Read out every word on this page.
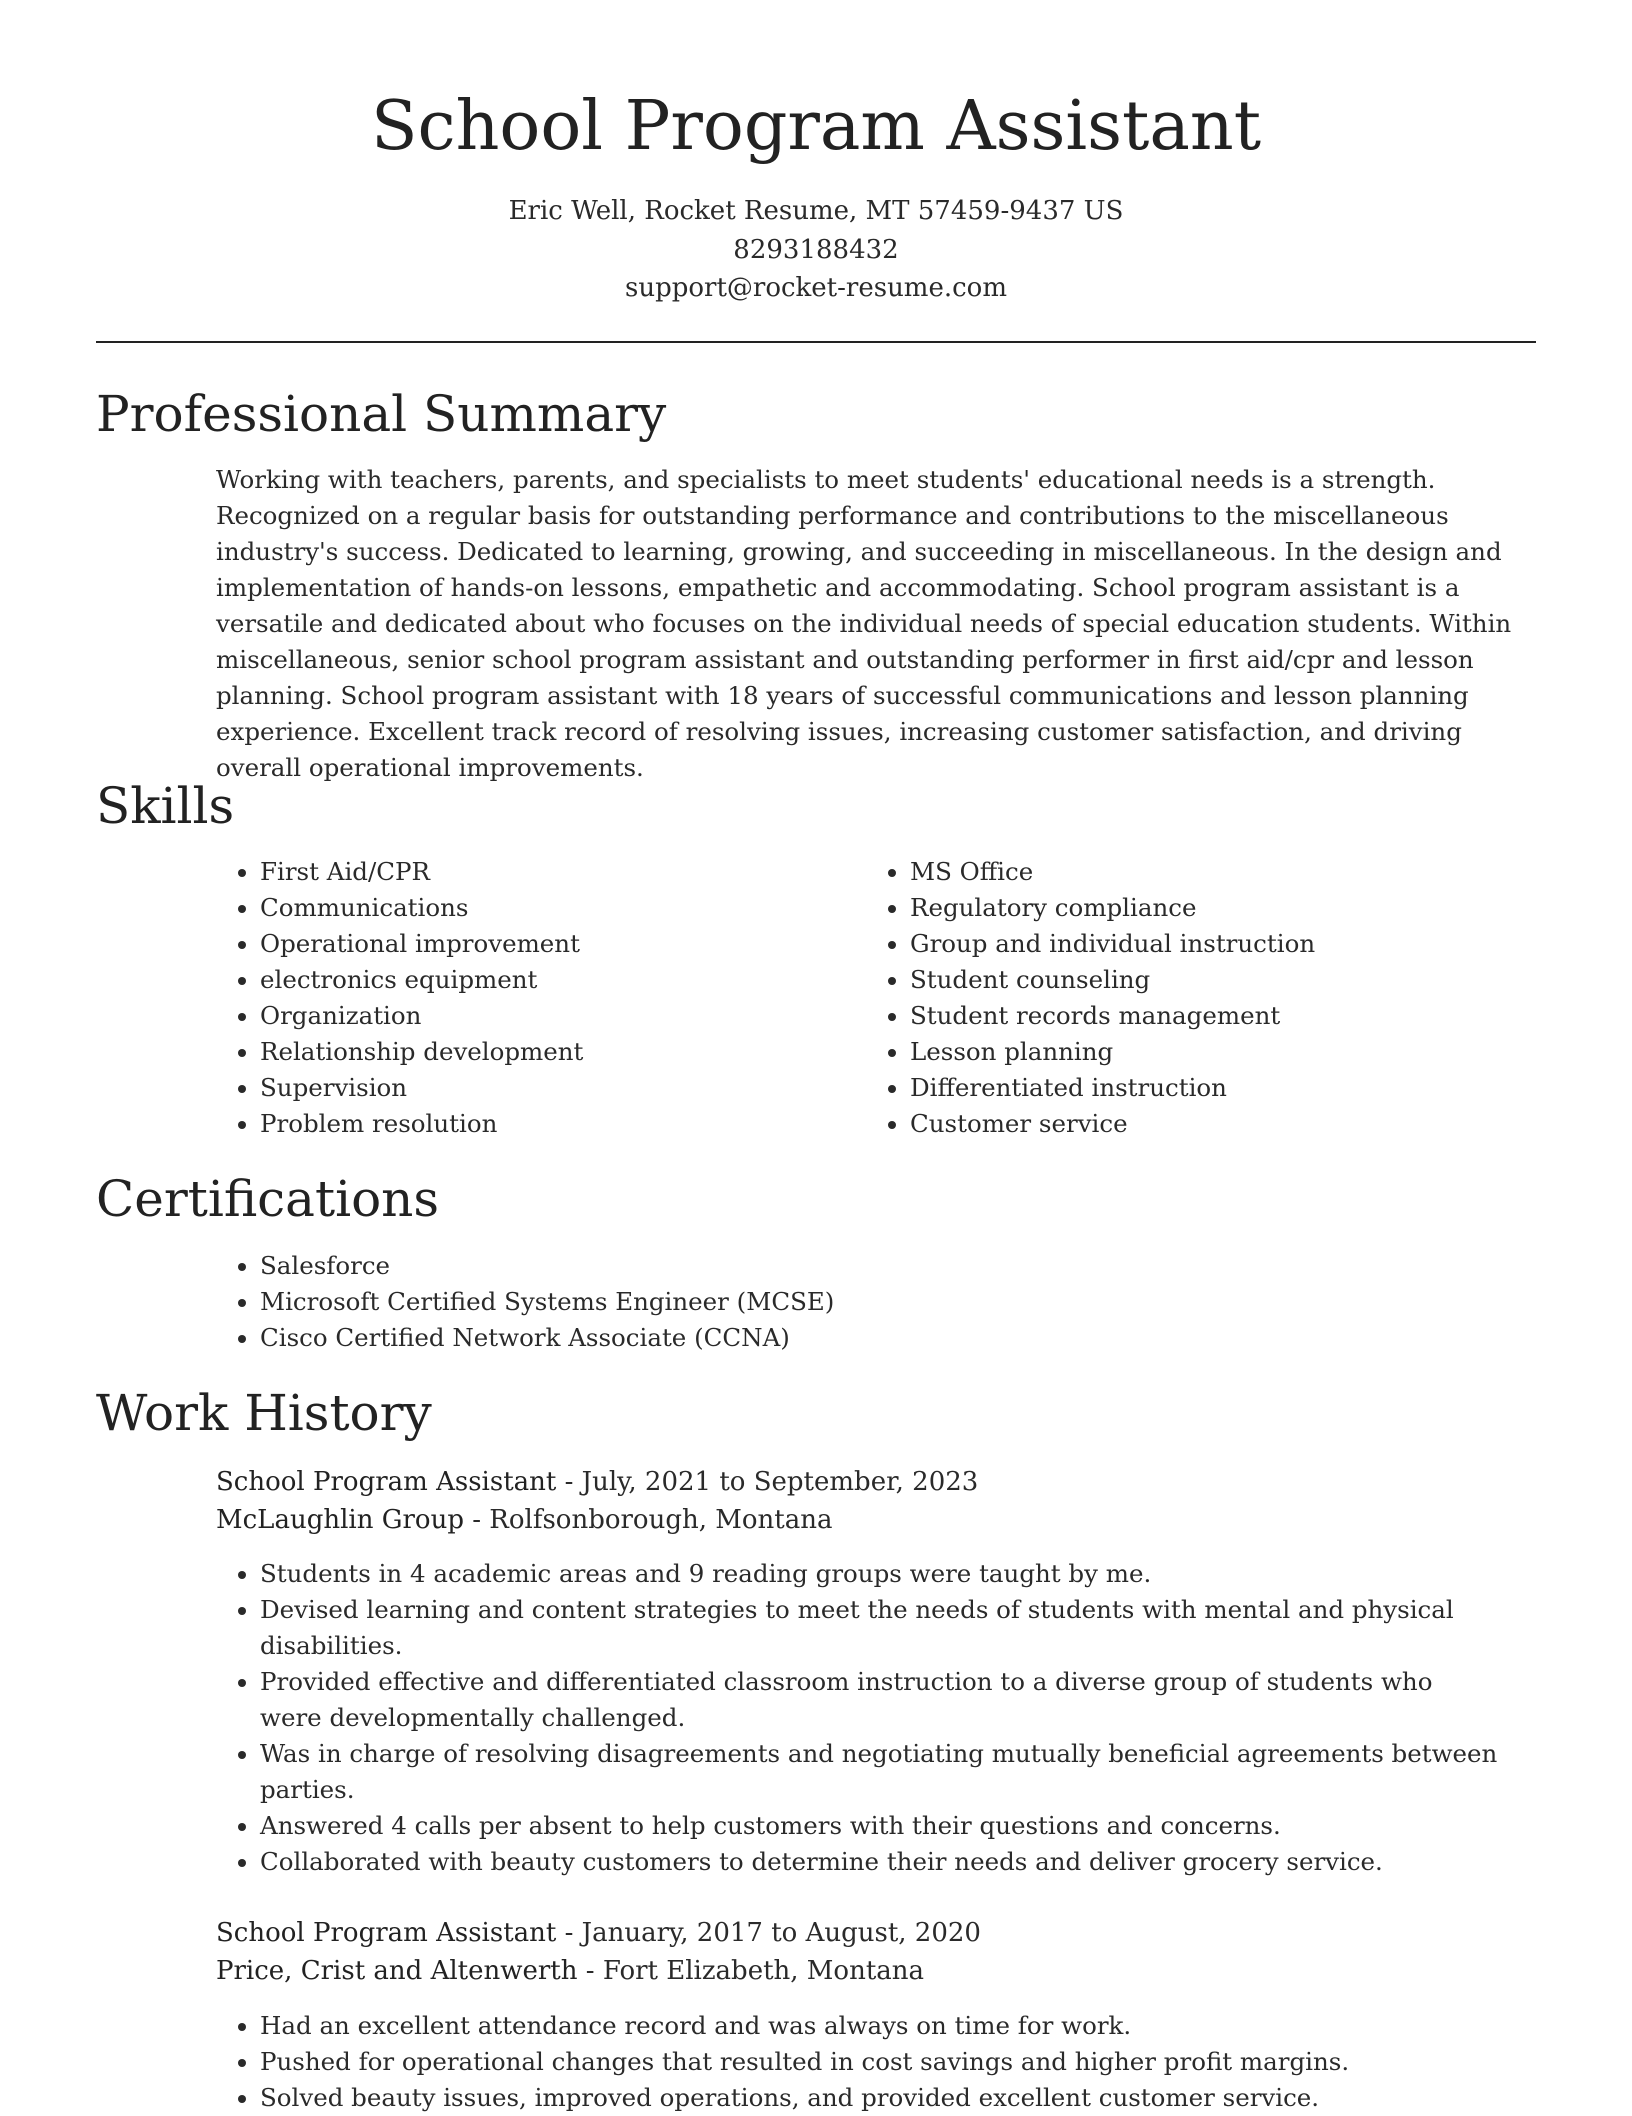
School Program Assistant
Eric Well, Rocket Resume, MT 57459-9437 US
8293188432
support@rocket-resume.com
Professional Summary

Working with teachers, parents, and specialists to meet students' educational needs is a strength. Recognized on a regular basis for outstanding performance and contributions to the miscellaneous industry's success. Dedicated to learning, growing, and succeeding in miscellaneous. In the design and implementation of hands-on lessons, empathetic and accommodating. School program assistant is a versatile and dedicated about who focuses on the individual needs of special education students. Within miscellaneous, senior school program assistant and outstanding performer in first aid/cpr and lesson planning. School program assistant with 18 years of successful communications and lesson planning experience. Excellent track record of resolving issues, increasing customer satisfaction, and driving overall operational improvements.

Skills
• First Aid/CPR
• Communications
• Operational improvement
• electronics equipment
• Organization
• Relationship development
• Supervision
• Problem resolution
• MS Office
• Regulatory compliance
• Group and individual instruction
• Student counseling
• Student records management
• Lesson planning
• Differentiated instruction
• Customer service
Certifications
• Salesforce
• Microsoft Certified Systems Engineer (MCSE)
• Cisco Certified Network Associate (CCNA)
Work History
School Program Assistant - July, 2021 to September, 2023
McLaughlin Group - Rolfsonborough, Montana
• Students in 4 academic areas and 9 reading groups were taught by me.
• Devised learning and content strategies to meet the needs of students with mental and physical disabilities.
• Provided effective and differentiated classroom instruction to a diverse group of students who were developmentally challenged.
• Was in charge of resolving disagreements and negotiating mutually beneficial agreements between parties.
• Answered 4 calls per absent to help customers with their questions and concerns.
• Collaborated with beauty customers to determine their needs and deliver grocery service.
School Program Assistant - January, 2017 to August, 2020
Price, Crist and Altenwerth - Fort Elizabeth, Montana
• Had an excellent attendance record and was always on time for work.
• Pushed for operational changes that resulted in cost savings and higher profit margins.
• Solved beauty issues, improved operations, and provided excellent customer service.
